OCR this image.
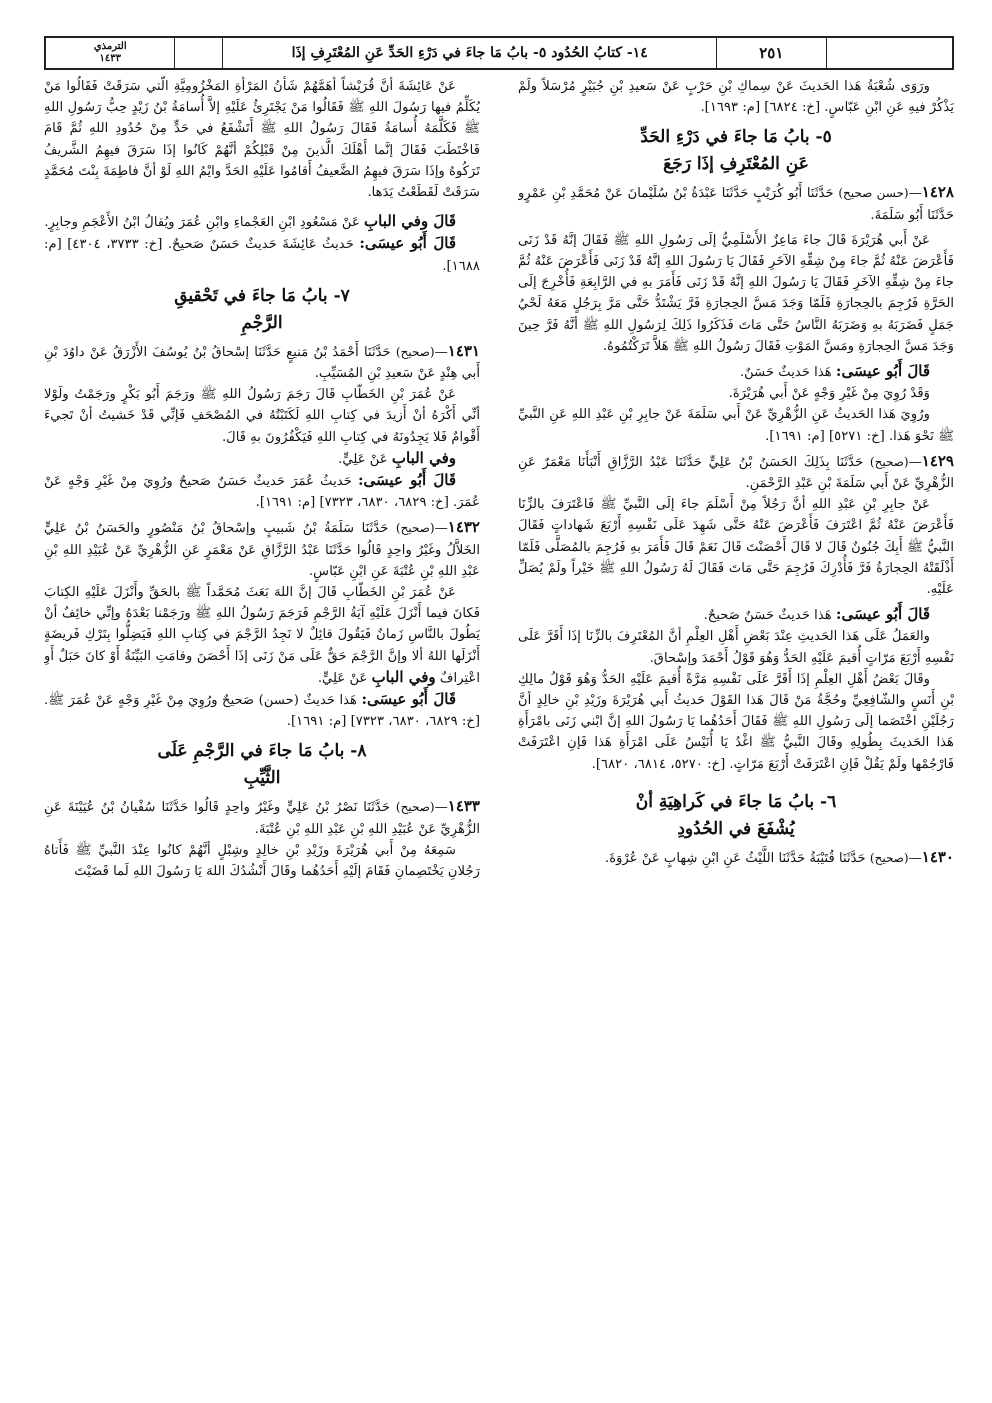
الترمذي
١٤٣٣	١٤- كتابُ الحُدُود ٥- بابُ مَا جاءَ في دَرْءِ الحَدِّ عَنِ المُعْتَرِفِ إذَا	٢٥١

ورَوَى شُعْبَةُ هَذا الحَديثَ عَنْ سِماكِ بْنِ حَرْبٍ عَنْ سَعيدِ بْنِ جُبَيْرٍ مُرْسَلاً ولَمْ يَذْكُرْ فيهِ عَنِ ابْنِ عَبّاسٍ. [خ: ٦٨٢٤] [م: ١٦٩٣].

٥- بابُ مَا جاءَ في دَرْءِ الحَدِّ
عَنِ المُعْتَرِفِ إذَا رَجَعَ

١٤٢٨—(حسن صحيح) حَدَّثَنَا أَبُو كُرَيْبٍ حَدَّثَنَا عَبْدَةُ بْنُ سُلَيْمانَ عَنْ مُحَمَّدِ بْنِ عَمْرٍو حَدَّثَنَا أَبُو سَلَمَةَ.

عَنْ أَبي هُرَيْرَةَ قَالَ جاءَ مَاعِزٌ الأَسْلَمِيُّ إلَى رَسُولِ اللهِ ﷺ فَقَالَ إنَّهُ قَدْ زَنَى فَأَعْرَضَ عَنْهُ ثُمَّ جاءَ مِنْ شِقِّهِ الآخَرِ فَقَالَ يَا رَسُولَ اللهِ إنَّهُ قَدْ زَنَى فَأَعْرَضَ عَنْهُ ثُمَّ جاءَ مِنْ شِقِّهِ الآخَرِ فَقَالَ يَا رَسُولَ اللهِ إنَّهُ قَدْ زَنَى فَأَمَرَ بهِ في الرَّابِعَةِ فَأُخْرِجَ إلَى الحَرَّةِ فَرُجِمَ بالحِجارَةِ فَلَمّا وَجَدَ مَسَّ الحِجارَةِ فَرَّ يَشْتَدُّ حَتَّى مَرَّ بِرَجُلٍ مَعَهُ لَحْيُ جَمَلٍ فَضَرَبَهُ بهِ وَضَرَبَهُ النَّاسُ حَتَّى مَاتَ فَذَكَرُوا ذَلِكَ لِرَسُولِ اللهِ ﷺ أنَّهُ فَرَّ حِينَ وَجَدَ مَسَّ الحِجارَةِ ومَسَّ المَوْتِ فَقَالَ رَسُولُ اللهِ ﷺ هَلاَّ تَرَكْتُمُوهُ.

قَالَ أَبُو عيسَى: هَذا حَديثٌ حَسَنٌ.

وَقَدْ رُوِيَ مِنْ غَيْرِ وَجْهٍ عَنْ أَبي هُرَيْرَةَ.

ورُوِيَ هَذا الحَديثُ عَنِ الزُّهْرِيِّ عَنْ أَبي سَلَمَةَ عَنْ جابِرِ بْنِ عَبْدِ اللهِ عَنِ النَّبيِّ ﷺ نَحْوَ هَذا. [خ: ٥٢٧١] [م: ١٦٩١].

١٤٢٩—(صحيح) حَدَّثَنَا بِذَلِكَ الحَسَنُ بْنُ عَلِيٍّ حَدَّثَنَا عَبْدُ الرَّزَّاقِ أَنْبَأَنَا مَعْمَرٌ عَنِ الزُّهْرِيِّ عَنْ أَبي سَلَمَةَ بْنِ عَبْدِ الرَّحْمَنِ.

عَنْ جابِرِ بْنِ عَبْدِ اللهِ أنَّ رَجُلاً مِنْ أَسْلَمَ جاءَ إلَى النَّبيِّ ﷺ فَاعْتَرَفَ بالزِّنَا فَأَعْرَضَ عَنْهُ ثُمَّ اعْتَرَفَ فَأَعْرَضَ عَنْهُ حَتَّى شَهِدَ عَلَى نَفْسِهِ أَرْبَعَ شَهاداتٍ فَقَالَ النَّبيُّ ﷺ أَبِكَ جُنُونٌ قَالَ لا قَالَ أَحْصَنْتَ قَالَ نَعَمْ قَالَ فَأَمَرَ بهِ فَرُجِمَ بالمُصَلَّى فَلَمّا أَذْلَقَتْهُ الحِجارَةُ فَرَّ فَأُدْرِكَ فَرُجِمَ حَتَّى مَاتَ فَقَالَ لَهُ رَسُولُ اللهِ ﷺ خَيْراً ولَمْ يُصَلِّ عَلَيْهِ.

قَالَ أَبُو عيسَى: هَذا حَديثٌ حَسَنٌ صَحيحٌ.

والعَمَلُ عَلَى هَذا الحَديثِ عِنْدَ بَعْضِ أَهْلِ العِلْمِ أنَّ المُعْتَرِفَ بالزِّنَا إذَا أَقَرَّ عَلَى نَفْسِهِ أَرْبَعَ مَرّاتٍ أُقيمَ عَلَيْهِ الحَدُّ وَهُوَ قَوْلُ أَحْمَدَ وإسْحاقَ.

وقَالَ بَعْضُ أَهْلِ العِلْمِ إذَا أَقَرَّ عَلَى نَفْسِهِ مَرَّةً أُقيمَ عَلَيْهِ الحَدُّ وَهُوَ قَوْلُ مالِكِ بْنِ أَنَسٍ والشّافِعِيِّ وحُجَّةُ مَنْ قَالَ هَذا القَوْلَ حَديثُ أَبي هُرَيْرَةَ وزَيْدِ بْنِ خالِدٍ أنَّ رَجُلَيْنِ اخْتَصَما إلَى رَسُولِ اللهِ ﷺ فَقَالَ أَحَدُهُما يَا رَسُولَ اللهِ إنَّ ابْني زَنَى بامْرَأَةِ هَذا الحَديثَ بِطُولِهِ وقَالَ النَّبيُّ ﷺ اغْدُ يَا أُنَيْسُ عَلَى امْرَأَةِ هَذا فَإنِ اعْتَرَفَتْ فَارْجُمْها ولَمْ يَقُلْ فَإنِ اعْتَرَفَتْ أَرْبَعَ مَرّاتٍ. [خ: ٥٢٧٠، ٦٨١٤، ٦٨٢٠].

٦- بابُ مَا جاءَ في كَراهِيَةِ أنْ
يُشْفَعَ في الحُدُودِ

١٤٣٠—(صحيح) حَدَّثَنَا قُتَيْبَةُ حَدَّثَنَا اللَّيْثُ عَنِ ابْنِ شِهابٍ عَنْ عُرْوَةَ.

عَنْ عَائِشَةَ أنَّ قُرَيْشاً أَهَمَّهُمْ شَأْنُ المَرْأَةِ المَخْزُومِيَّةِ الَّتي سَرَقَتْ فَقَالُوا مَنْ يُكَلِّمُ فيها رَسُولَ اللهِ ﷺ فَقَالُوا مَنْ يَجْتَرِئُ عَلَيْهِ إلاَّ أُسامَةُ بْنُ زَيْدٍ حِبُّ رَسُولِ اللهِ ﷺ فَكَلَّمَهُ أُسامَةُ فَقَالَ رَسُولُ اللهِ ﷺ أَتَشْفَعُ في حَدٍّ مِنْ حُدُودِ اللهِ ثُمَّ قَامَ فَاخْتَطَبَ فَقَالَ إنَّما أَهْلَكَ الَّذينَ مِنْ قَبْلِكُمْ أنَّهُمْ كَانُوا إذَا سَرَقَ فيهِمُ الشَّريفُ تَرَكُوهُ وإذَا سَرَقَ فيهِمُ الضَّعيفُ أَقامُوا عَلَيْهِ الحَدَّ وايْمُ اللهِ لَوْ أنَّ فاطِمَةَ بِنْتَ مُحَمَّدٍ سَرَقَتْ لَقَطَعْتُ يَدَها.

قَالَ وفي البابِ عَنْ مَسْعُودِ ابْنِ العَجْماءِ وابْنِ عُمَرَ ويُقالُ ابْنُ الأَعْجَمِ وجابِرٍ.

قَالَ أَبُو عيسَى: حَديثُ عَائِشَةَ حَديثٌ حَسَنٌ صَحيحٌ. [خ: ٣٧٣٣، ٤٣٠٤] [م: ١٦٨٨].

٧- بابُ مَا جاءَ في تَحْقيقِ
الرَّجْمِ

١٤٣١—(صحيح) حَدَّثَنَا أَحْمَدُ بْنُ مَنيعٍ حَدَّثَنَا إسْحاقُ بْنُ يُوسُفَ الأَزْرَقُ عَنْ داوُدَ بْنِ أَبي هِنْدٍ عَنْ سَعيدِ بْنِ المُسَيِّبِ.

عَنْ عُمَرَ بْنِ الخَطّابِ قَالَ رَجَمَ رَسُولُ اللهِ ﷺ ورَجَمَ أَبُو بَكْرٍ ورَجَمْتُ ولَوْلا أنِّي أَكْرَهُ أنْ أَزيدَ في كِتابِ اللهِ لَكَتَبْتُهُ في المُصْحَفِ فَإنِّي قَدْ خَشيتُ أنْ تَجيءَ أَقْوامٌ فَلا يَجِدُونَهُ في كِتابِ اللهِ فَيَكْفُرُونَ بهِ قَالَ.

وفي البابِ عَنْ عَلِيٍّ.

قَالَ أَبُو عيسَى: حَديثُ عُمَرَ حَديثٌ حَسَنٌ صَحيحٌ ورُوِيَ مِنْ غَيْرِ وَجْهٍ عَنْ عُمَرَ. [خ: ٦٨٢٩، ٦٨٣٠، ٧٣٢٣] [م: ١٦٩١].

١٤٣٢—(صحيح) حَدَّثَنَا سَلَمَةُ بْنُ شَبيبٍ وإسْحاقُ بْنُ مَنْصُورٍ والحَسَنُ بْنُ عَلِيٍّ الخَلاَّلُ وغَيْرُ واحِدٍ قَالُوا حَدَّثَنَا عَبْدُ الرَّزَّاقِ عَنْ مَعْمَرٍ عَنِ الزُّهْرِيِّ عَنْ عُبَيْدِ اللهِ بْنِ عَبْدِ اللهِ بْنِ عُتْبَةَ عَنِ ابْنِ عَبّاسٍ.

عَنْ عُمَرَ بْنِ الخَطّابِ قَالَ إنَّ اللهَ بَعَثَ مُحَمَّداً ﷺ بالحَقِّ وأَنْزَلَ عَلَيْهِ الكِتابَ فَكانَ فيما أَنْزَلَ عَلَيْهِ آيَةُ الرَّجْمِ فَرَجَمَ رَسُولُ اللهِ ﷺ ورَجَمْنا بَعْدَهُ وإنِّي خائِفٌ أنْ يَطُولَ بالنَّاسِ زَمانٌ فَيَقُولَ قائِلٌ لا نَجِدُ الرَّجْمَ في كِتابِ اللهِ فَيَضِلُّوا بِتَرْكِ فَريضَةٍ أَنْزَلَها اللهُ ألا وإنَّ الرَّجْمَ حَقٌّ عَلَى مَنْ زَنَى إذَا أَحْصَنَ وقامَتِ البَيِّنَةُ أَوْ كانَ حَبَلٌ أَوِ اعْتِرافٌ وفي البابِ عَنْ عَلِيٍّ.

قَالَ أَبُو عيسَى: هَذا حَديثٌ (حسن) صَحيحٌ ورُوِيَ مِنْ غَيْرِ وَجْهٍ عَنْ عُمَرَ ﷺ. [خ: ٦٨٢٩، ٦٨٣٠، ٧٣٢٣] [م: ١٦٩١].

٨- بابُ مَا جاءَ في الرَّجْمِ عَلَى
الثَّيِّبِ

١٤٣٣—(صحيح) حَدَّثَنَا نَصْرُ بْنُ عَلِيٍّ وغَيْرُ واحِدٍ قَالُوا حَدَّثَنَا سُفْيانُ بْنُ عُيَيْنَةَ عَنِ الزُّهْرِيِّ عَنْ عُبَيْدِ اللهِ بْنِ عَبْدِ اللهِ بْنِ عُتْبَةَ.

سَمِعَهُ مِنْ أَبي هُرَيْرَةَ وزَيْدِ بْنِ خالِدٍ وشِبْلٍ أنَّهُمْ كانُوا عِنْدَ النَّبيِّ ﷺ فَأَتاهُ رَجُلانِ يَخْتَصِمانِ فَقَامَ إلَيْهِ أَحَدُهُما وقَالَ أَنْشُدُكَ اللهَ يَا رَسُولَ اللهِ لَما قَضَيْتَ
